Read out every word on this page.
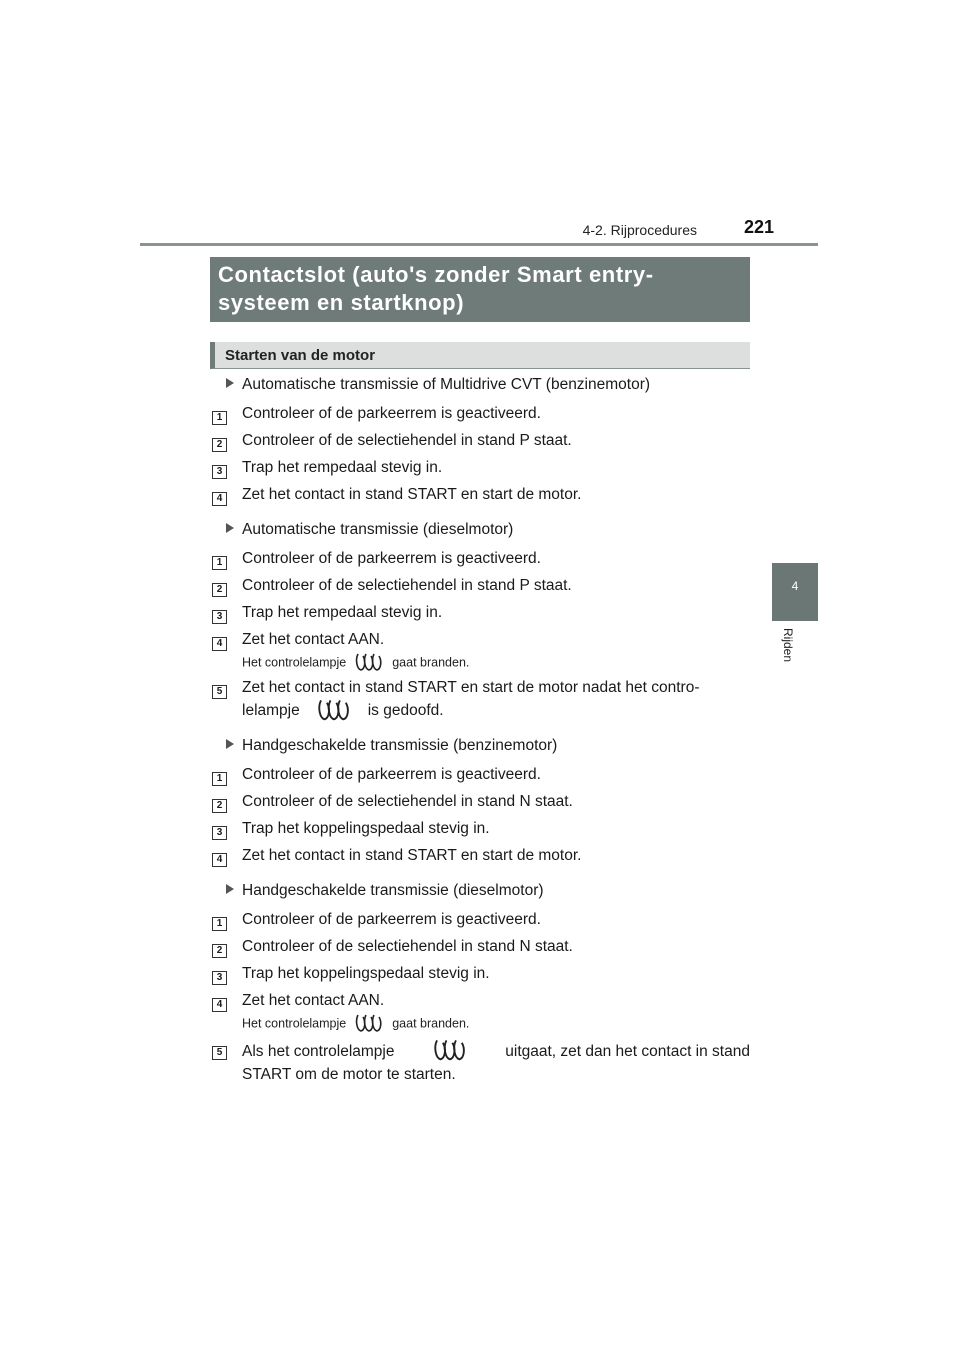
4-2. Rijprocedures	221
4
Rijden
Contactslot (auto's zonder Smart entry-
systeem en startknop)
Starten van de motor
Automatische transmissie of Multidrive CVT (benzinemotor)
1	Controleer of de parkeerrem is geactiveerd.
2	Controleer of de selectiehendel in stand P staat.
3	Trap het rempedaal stevig in.
4	Zet het contact in stand START en start de motor.
Automatische transmissie (dieselmotor)
1	Controleer of de parkeerrem is geactiveerd.
2	Controleer of de selectiehendel in stand P staat.
3	Trap het rempedaal stevig in.
4	Zet het contact AAN.
Het controlelampje	gaat branden.
5	Zet het contact in stand START en start de motor nadat het contro-
lelampje	is gedoofd.
Handgeschakelde transmissie (benzinemotor)
1	Controleer of de parkeerrem is geactiveerd.
2	Controleer of de selectiehendel in stand N staat.
3	Trap het koppelingspedaal stevig in.
4	Zet het contact in stand START en start de motor.
Handgeschakelde transmissie (dieselmotor)
1	Controleer of de parkeerrem is geactiveerd.
2	Controleer of de selectiehendel in stand N staat.
3	Trap het koppelingspedaal stevig in.
4	Zet het contact AAN.
Het controlelampje	gaat branden.
5	Als het controlelampje	uitgaat, zet dan het contact in stand
START om de motor te starten.
